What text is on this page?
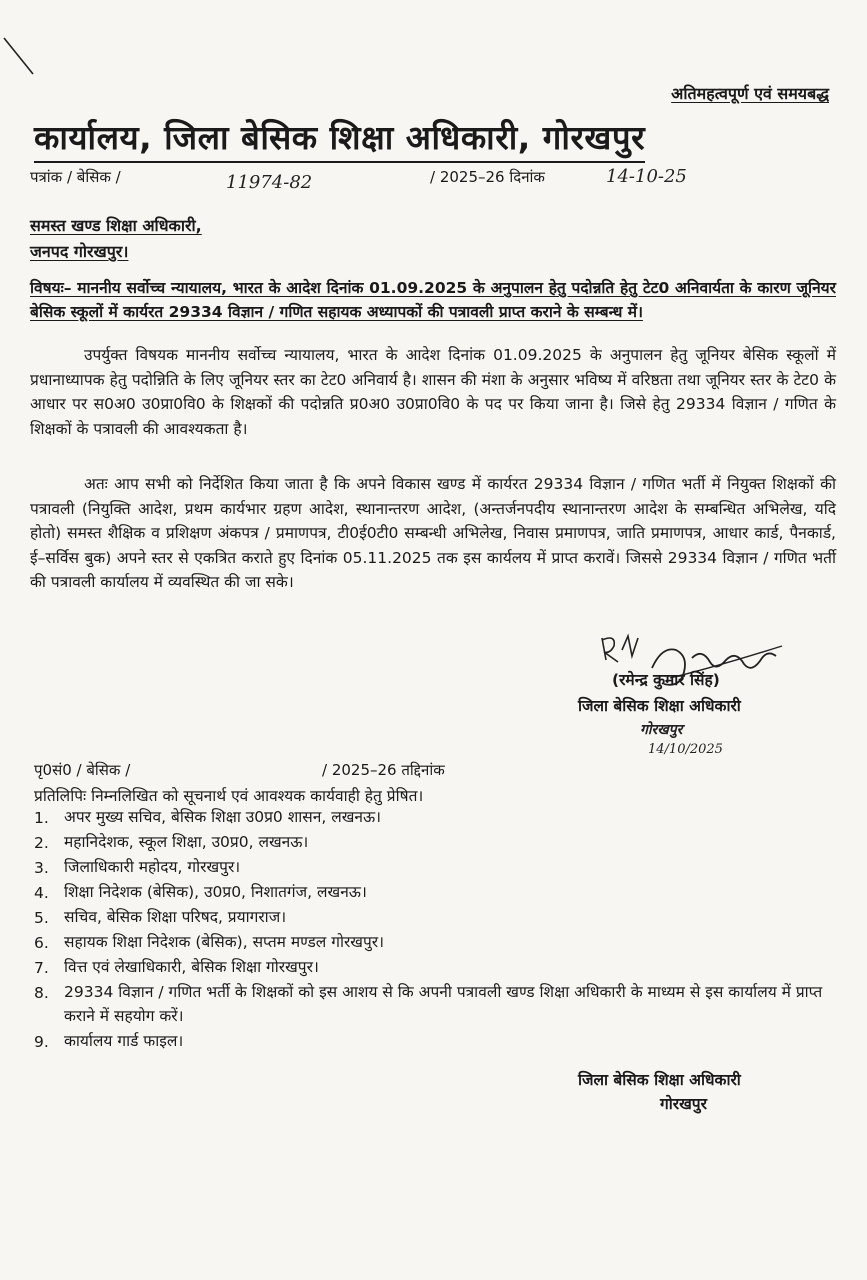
अतिमहत्वपूर्ण एवं समयबद्ध
कार्यालय, जिला बेसिक शिक्षा अधिकारी, गोरखपुर
पत्रांक / बेसिक /	11974-82	/ 2025–26 दिनांक	14-10-25
समस्त खण्ड शिक्षा अधिकारी,
जनपद गोरखपुर।
विषयः– माननीय सर्वोच्च न्यायालय, भारत के आदेश दिनांक 01.09.2025 के अनुपालन हेतु पदोन्नति हेतु टेट0 अनिवार्यता के कारण जूनियर बेसिक स्कूलों में कार्यरत 29334 विज्ञान / गणित सहायक अध्यापकों की पत्रावली प्राप्त कराने के सम्बन्ध में।

उपर्युक्त विषयक माननीय सर्वोच्च न्यायालय, भारत के आदेश दिनांक 01.09.2025 के अनुपालन हेतु जूनियर बेसिक स्कूलों में प्रधानाध्यापक हेतु पदोन्निति के लिए जूनियर स्तर का टेट0 अनिवार्य है। शासन की मंशा के अनुसार भविष्य में वरिष्ठता तथा जूनियर स्तर के टेट0 के आधार पर स0अ0 उ0प्रा0वि0 के शिक्षकों की पदोन्नति प्र0अ0 उ0प्रा0वि0 के पद पर किया जाना है। जिसे हेतु 29334 विज्ञान / गणित के शिक्षकों के पत्रावली की आवश्यकता है।

अतः आप सभी को निर्देशित किया जाता है कि अपने विकास खण्ड में कार्यरत 29334 विज्ञान / गणित भर्ती में नियुक्त शिक्षकों की पत्रावली (नियुक्ति आदेश, प्रथम कार्यभार ग्रहण आदेश, स्थानान्तरण आदेश, (अन्तर्जनपदीय स्थानान्तरण आदेश के सम्बन्धित अभिलेख, यदि होतो) समस्त शैक्षिक व प्रशिक्षण अंकपत्र / प्रमाणपत्र, टी0ई0टी0 सम्बन्धी अभिलेख, निवास प्रमाणपत्र, जाति प्रमाणपत्र, आधार कार्ड, पैनकार्ड, ई–सर्विस बुक) अपने स्तर से एकत्रित कराते हुए दिनांक 05.11.2025 तक इस कार्यलय में प्राप्त करावें। जिससे 29334 विज्ञान / गणित भर्ती की पत्रावली कार्यालय में व्यवस्थित की जा सके।

(रमेन्द्र कुमार सिंह)
जिला बेसिक शिक्षा अधिकारी
गोरखपुर
14/10/2025
पृ0सं0 / बेसिक /	/ 2025–26 तद्दिनांक
प्रतिलिपिः निम्नलिखित को सूचनार्थ एवं आवश्यक कार्यवाही हेतु प्रेषित।
1. अपर मुख्य सचिव, बेसिक शिक्षा उ0प्र0 शासन, लखनऊ।
2. महानिदेशक, स्कूल शिक्षा, उ0प्र0, लखनऊ।
3. जिलाधिकारी महोदय, गोरखपुर।
4. शिक्षा निदेशक (बेसिक), उ0प्र0, निशातगंज, लखनऊ।
5. सचिव, बेसिक शिक्षा परिषद, प्रयागराज।
6. सहायक शिक्षा निदेशक (बेसिक), सप्तम मण्डल गोरखपुर।
7. वित्त एवं लेखाधिकारी, बेसिक शिक्षा गोरखपुर।
8. 29334 विज्ञान / गणित भर्ती के शिक्षकों को इस आशय से कि अपनी पत्रावली खण्ड शिक्षा अधिकारी के माध्यम से इस कार्यालय में प्राप्त कराने में सहयोग करें।
9. कार्यालय गार्ड फाइल।
जिला बेसिक शिक्षा अधिकारी
गोरखपुर
